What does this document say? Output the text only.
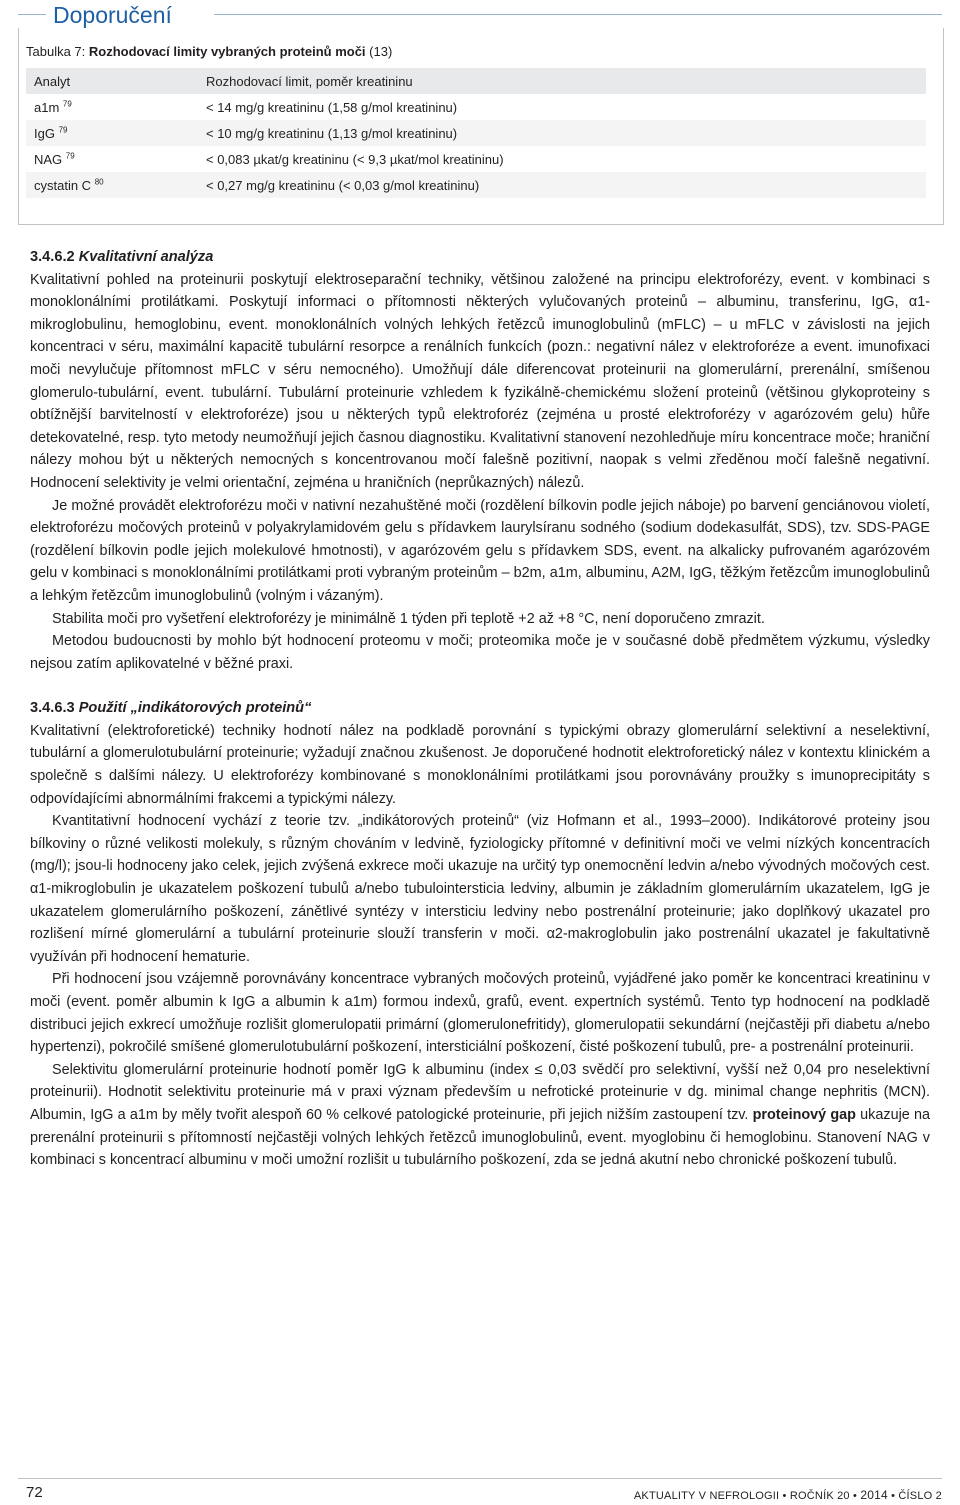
Doporučení
Tabulka 7: Rozhodovací limity vybraných proteinů moči (13)
Analyt	Rozhodovací limit, poměr kreatininu
a1m $^{79}$	< 14 mg/g kreatininu (1,58 g/mol kreatininu)
IgG $^{79}$	< 10 mg/g kreatininu (1,13 g/mol kreatininu)
NAG $^{79}$	< 0,083 µkat/g kreatininu (< 9,3 µkat/mol kreatininu)
cystatin C $^{80}$	< 0,27 mg/g kreatininu (< 0,03 g/mol kreatininu)

3.4.6.2 Kvalitativní analýza

Kvalitativní pohled na proteinurii poskytují elektroseparační techniky, většinou založené na principu elektroforézy, event. v kombinaci s monoklonálními protilátkami. Poskytují informaci o přítomnosti některých vylučovaných proteinů – albuminu, transferinu, IgG, α1-mikroglobulinu, hemoglobinu, event. monoklonálních volných lehkých řetězců imunoglobulinů (mFLC) – u mFLC v závislosti na jejich koncentraci v séru, maximální kapacitě tubulární resorpce a renálních funkcích (pozn.: negativní nález v elektroforéze a event. imunofixaci moči nevylučuje přítomnost mFLC v séru nemocného). Umožňují dále diferencovat proteinurii na glomerulární, prerenální, smíšenou glomerulo-tubulární, event. tubulární. Tubulární proteinurie vzhledem k fyzikálně-chemickému složení proteinů (většinou glykoproteiny s obtížnější barvitelností v elektroforéze) jsou u některých typů elektroforéz (zejména u prosté elektroforézy v agarózovém gelu) hůře detekovatelné, resp. tyto metody neumožňují jejich časnou diagnostiku. Kvalitativní stanovení nezohledňuje míru koncentrace moče; hraniční nálezy mohou být u některých nemocných s koncentrovanou močí falešně pozitivní, naopak s velmi zředěnou močí falešně negativní. Hodnocení selektivity je velmi orientační, zejména u hraničních (neprůkazných) nálezů.

Je možné provádět elektroforézu moči v nativní nezahuštěné moči (rozdělení bílkovin podle jejich náboje) po barvení genciánovou violetí, elektroforézu močových proteinů v polyakrylamidovém gelu s přídavkem laurylsíranu sodného (sodium dodekasulfát, SDS), tzv. SDS-PAGE (rozdělení bílkovin podle jejich molekulové hmotnosti), v agarózovém gelu s přídavkem SDS, event. na alkalicky pufrovaném agarózovém gelu v kombinaci s monoklonálními protilátkami proti vybraným proteinům – b2m, a1m, albuminu, A2M, IgG, těžkým řetězcům imunoglobulinů a lehkým řetězcům imunoglobulinů (volným i vázaným).

Stabilita moči pro vyšetření elektroforézy je minimálně 1 týden při teplotě +2 až +8 °C, není doporučeno zmrazit.

Metodou budoucnosti by mohlo být hodnocení proteomu v moči; proteomika moče je v současné době předmětem výzkumu, výsledky nejsou zatím aplikovatelné v běžné praxi.

3.4.6.3 Použití „indikátorových proteinů“

Kvalitativní (elektroforetické) techniky hodnotí nález na podkladě porovnání s typickými obrazy glomerulární selektivní a neselektivní, tubulární a glomerulotubulární proteinurie; vyžadují značnou zkušenost. Je doporučené hodnotit elektroforetický nález v kontextu klinickém a společně s dalšími nálezy. U elektroforézy kombinované s monoklonálními protilátkami jsou porovnávány proužky s imunoprecipitáty s odpovídajícími abnormálními frakcemi a typickými nálezy.

Kvantitativní hodnocení vychází z teorie tzv. „indikátorových proteinů“ (viz Hofmann et al., 1993–2000). Indikátorové proteiny jsou bílkoviny o různé velikosti molekuly, s různým chováním v ledvině, fyziologicky přítomné v definitivní moči ve velmi nízkých koncentracích (mg/l); jsou-li hodnoceny jako celek, jejich zvýšená exkrece moči ukazuje na určitý typ onemocnění ledvin a/nebo vývodných močových cest. α1-mikroglobulin je ukazatelem poškození tubulů a/nebo tubulointersticia ledviny, albumin je základním glomerulárním ukazatelem, IgG je ukazatelem glomerulárního poškození, zánětlivé syntézy v intersticiu ledviny nebo postrenální proteinurie; jako doplňkový ukazatel pro rozlišení mírné glomerulární a tubulární proteinurie slouží transferin v moči. α2-makroglobulin jako postrenální ukazatel je fakultativně využíván při hodnocení hematurie.

Při hodnocení jsou vzájemně porovnávány koncentrace vybraných močových proteinů, vyjádřené jako poměr ke koncentraci kreatininu v moči (event. poměr albumin k IgG a albumin k a1m) formou indexů, grafů, event. expertních systémů. Tento typ hodnocení na podkladě distribuci jejich exkrecí umožňuje rozlišit glomerulopatii primární (glomerulonefritidy), glomerulopatii sekundární (nejčastěji při diabetu a/nebo hypertenzi), pokročilé smíšené glomerulotubulární poškození, intersticiální poškození, čisté poškození tubulů, pre- a postrenální proteinurii.

Selektivitu glomerulární proteinurie hodnotí poměr IgG k albuminu (index ≤ 0,03 svědčí pro selektivní, vyšší než 0,04 pro neselektivní proteinurii). Hodnotit selektivitu proteinurie má v praxi význam především u nefrotické proteinurie v dg. minimal change nephritis (MCN). Albumin, IgG a a1m by měly tvořit alespoň 60 % celkové patologické proteinurie, při jejich nižším zastoupení tzv. proteinový gap ukazuje na prerenální proteinurii s přítomností nejčastěji volných lehkých řetězců imunoglobulinů, event. myoglobinu či hemoglobinu. Stanovení NAG v kombinaci s koncentrací albuminu v moči umožní rozlišit u tubulárního poškození, zda se jedná akutní nebo chronické poškození tubulů.

72	AKTUALITY V NEFROLOGII • ROČNÍK 20 • 2014 • ČÍSLO 2
